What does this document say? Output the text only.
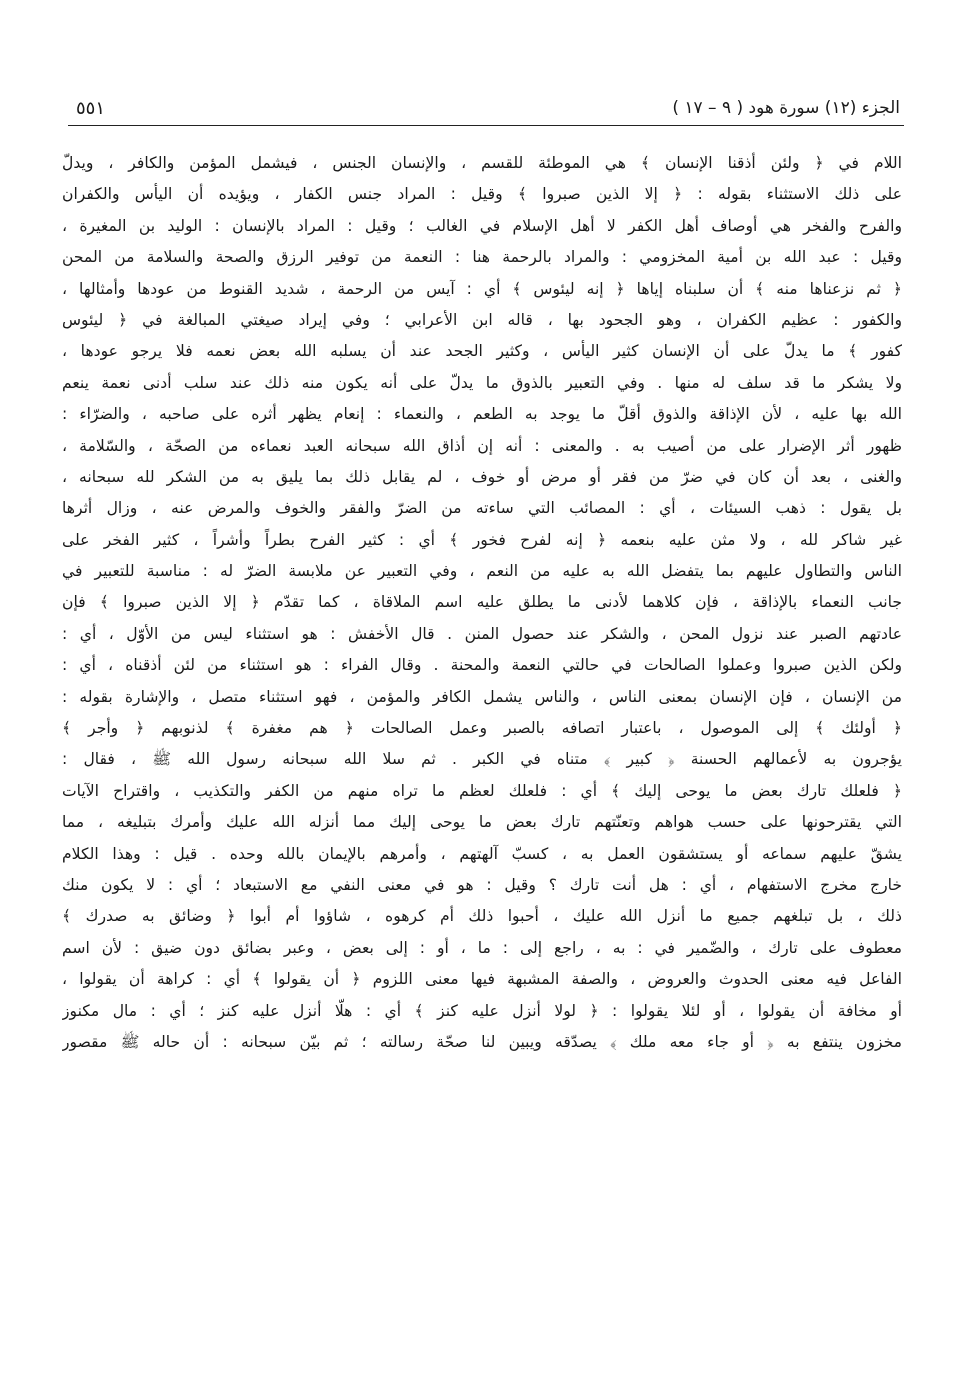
الجزء (١٢) سورة هود ( ٩ – ١٧ )
٥٥١
اللام في ﴿ ولئن أذقنا الإنسان ﴾ هي الموطئة للقسم ، والإنسان الجنس ، فيشمل المؤمن والكافر ، ويدلّ
على ذلك الاستثناء بقوله : ﴿ إلا الذين صبروا ﴾ وقيل : المراد جنس الكفار ، ويؤيده أن اليأس والكفران
والفرح والفخر هي أوصاف أهل الكفر لا أهل الإسلام في الغالب ؛ وقيل : المراد بالإنسان : الوليد بن المغيرة ،
وقيل : عبد الله بن أمية المخزومي : والمراد بالرحمة هنا : النعمة من توفير الرزق والصحة والسلامة من المحن
﴿ ثم نزعناها منه ﴾ أن سلبناه إياها ﴿ إنه ليئوس ﴾ أي : آيس من الرحمة ، شديد القنوط من عودها وأمثالها ،
والكفور : عظيم الكفران ، وهو الجحود بها ، قاله ابن الأعرابي ؛ وفي إيراد صيغتي المبالغة في ﴿ ليئوس
كفور ﴾ ما يدلّ على أن الإنسان كثير اليأس ، وكثير الجحد عند أن يسلبه الله بعض نعمه فلا يرجو عودها ،
ولا يشكر ما قد سلف له منها . وفي التعبير بالذوق ما يدلّ على أنه يكون منه ذلك عند سلب أدنى نعمة ينعم
الله بها عليه ، لأن الإذاقة والذوق أقلّ ما يوجد به الطعم ، والنعماء : إنعام يظهر أثره على صاحبه ، والضرّاء :
ظهور أثر الإضرار على من أصيب به . والمعنى : أنه إن أذاق الله سبحانه العبد نعماءه من الصحّة ، والسّلامة ،
والغنى ، بعد أن كان في ضرّ من فقر أو مرض أو خوف ، لم يقابل ذلك بما يليق به من الشكر لله سبحانه ،
بل يقول : ذهب السيئات ، أي : المصائب التي ساءته من الضرّ والفقر والخوف والمرض عنه ، وزال أثرها
غير شاكر لله ، ولا مثن عليه بنعمه ﴿ إنه لفرح فخور ﴾ أي : كثير الفرح بطراً وأشراً ، كثير الفخر على
الناس والتطاول عليهم بما يتفضل الله به عليه من النعم ، وفي التعبير عن ملابسة الضرّ له : مناسبة للتعبير في
جانب النعماء بالإذاقة ، فإن كلاهما لأدنى ما يطلق عليه اسم الملاقاة ، كما تقدّم ﴿ إلا الذين صبروا ﴾ فإن
عادتهم الصبر عند نزول المحن ، والشكر عند حصول المنن . قال الأخفش : هو استثناء ليس من الأوّل ، أي :
ولكن الذين صبروا وعملوا الصالحات في حالتي النعمة والمحنة . وقال الفراء : هو استثناء من لئن أذقناه ، أي :
من الإنسان ، فإن الإنسان بمعنى الناس ، والناس يشمل الكافر والمؤمن ، فهو استثناء متصل ، والإشارة بقوله :
﴿ أولئك ﴾ إلى الموصول ، باعتبار اتصافه بالصبر وعمل الصالحات ﴿ هم مغفرة ﴾ لذنوبهم ﴿ وأجر ﴾
يؤجرون به لأعمالهم الحسنة ﴿ كبير ﴾ متناه في الكبر . ثم سلا الله سبحانه رسول الله ﷺ ، فقال :
﴿ فلعلك تارك بعض ما يوحى إليك ﴾ أي : فلعلك لعظم ما تراه منهم من الكفر والتكذيب ، واقتراح الآيات
التي يقترحونها على حسب هواهم وتعنّتهم تارك بعض ما يوحى إليك مما أنزله الله عليك وأمرك بتبليغه ، مما
يشقّ عليهم سماعه أو يستشقون العمل به ، كسبّ آلهتهم ، وأمرهم بالإيمان بالله وحده . قيل : وهذا الكلام
خارج مخرج الاستفهام ، أي : هل أنت تارك ؟ وقيل : هو في معنى النفي مع الاستبعاد ؛ أي : لا يكون منك
ذلك ، بل تبلغهم جميع ما أنزل الله عليك ، أحبوا ذلك أم كرهوه ، شاؤوا أم أبوا ﴿ وضائق به صدرك ﴾
معطوف على تارك ، والضّمير في : به ، راجع إلى : ما ، أو : إلى بعض ، وعبر بضائق دون ضيق : لأن اسم
الفاعل فيه معنى الحدوث والعروض ، والصفة المشبهة فيها معنى اللزوم ﴿ أن يقولوا ﴾ أي : كراهة أن يقولوا ،
أو مخافة أن يقولوا ، أو لئلا يقولوا : ﴿ لولا أنزل عليه كنز ﴾ أي : هلّا أنزل عليه كنز ؛ أي : مال مكنوز
مخزون ينتفع به ﴿ أو جاء معه ملك ﴾ يصدّقه ويبين لنا صحّة رسالته ؛ ثم بيّن سبحانه : أن حاله ﷺ مقصور
